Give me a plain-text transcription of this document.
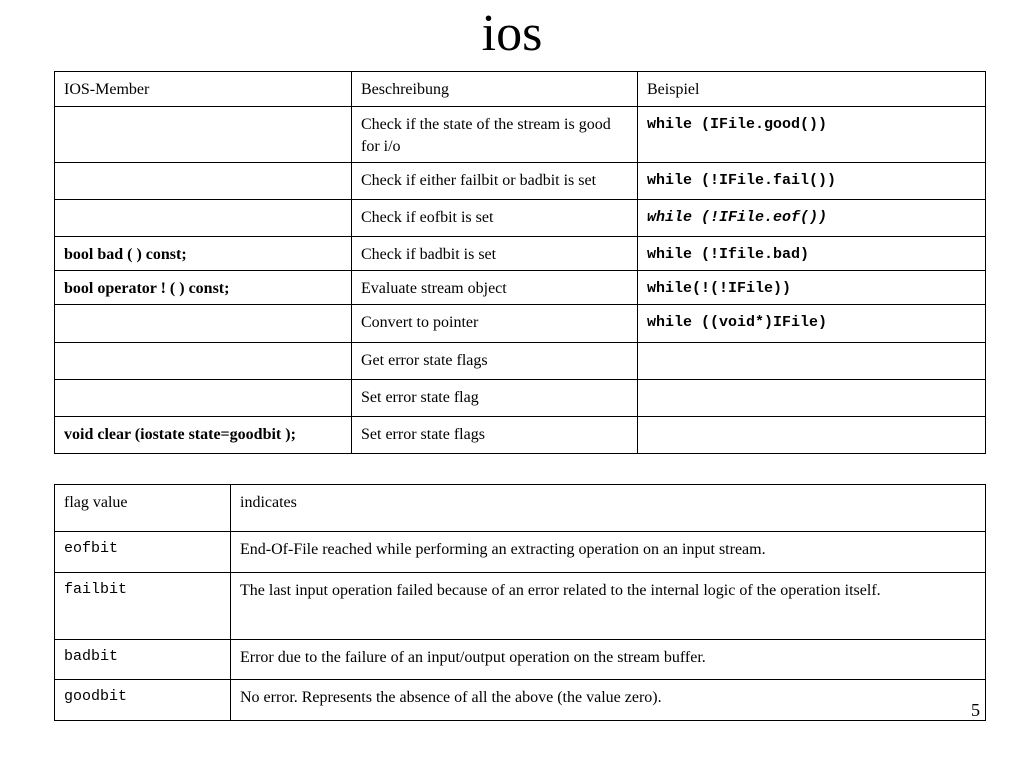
ios
IOS-Member	Beschreibung	Beispiel
	Check if the state of the stream is good for i/o	while (IFile.good())
	Check if either failbit or badbit is set	while (!IFile.fail())
	Check if eofbit is set	while (!IFile.eof())
bool bad ( ) const;	Check if badbit is set	while (!Ifile.bad)
bool operator ! ( ) const;	Evaluate stream object	while(!(!IFile))
	Convert to pointer	while ((void*)IFile)
	Get error state flags	
	Set error state flag	
void clear (iostate state=goodbit );	Set error state flags	
flag value	indicates
eofbit	End-Of-File reached while performing an extracting operation on an input stream.
failbit	The last input operation failed because of an error related to the internal logic of the operation itself.
badbit	Error due to the failure of an input/output operation on the stream buffer.
goodbit	No error. Represents the absence of all the above (the value zero).
5
